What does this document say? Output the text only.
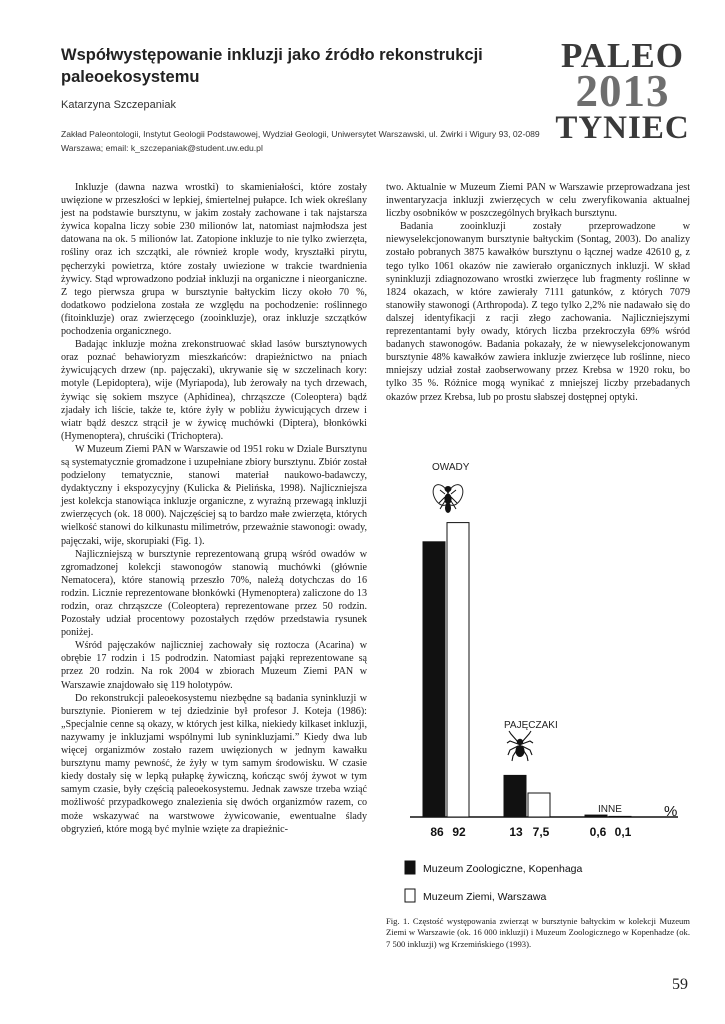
Współwystępowanie inkluzji jako źródło rekonstrukcji paleoekosystemu
Katarzyna Szczepaniak
Zakład Paleontologii, Instytut Geologii Podstawowej, Wydział Geologii, Uniwersytet Warszawski, ul. Żwirki i Wigury 93, 02-089 Warszawa; email: k_szczepaniak@student.uw.edu.pl
PALEO
2013
TYNIEC

Inkluzje (dawna nazwa wrostki) to skamieniałości, które zostały uwięzione w przeszłości w lepkiej, śmiertelnej pułapce. Ich wiek określany jest na podstawie bursztynu, w jakim zostały zachowane i tak najstarsza żywica kopalna liczy sobie 230 milionów lat, natomiast najmłodsza jest datowana na ok. 5 milionów lat. Zatopione inkluzje to nie tylko zwierzęta, rośliny oraz ich szczątki, ale również krople wody, kryształki pirytu, pęcherzyki powietrza, które zostały uwiezione w trakcie twardnienia żywicy. Stąd wprowadzono podział inkluzji na organiczne i nieorganiczne. Z tego pierwsza grupa w bursztynie bałtyckim liczy około 70 %, dodatkowo podzielona została ze względu na pochodzenie: roślinnego (fitoinkluzje) oraz zwierzęcego (zooinkluzje), oraz inkluzje szczątków pochodzenia organicznego.

Badając inkluzje można zrekonstruować skład lasów bursztynowych oraz poznać behawioryzm mieszkańców: drapieżnictwo na pniach żywicujących drzew (np. pajęczaki), ukrywanie się w szczelinach kory: motyle (Lepidoptera), wije (Myriapoda), lub żerowały na tych drzewach, żywiąc się sokiem mszyce (Aphidinea), chrząszcze (Coleoptera) bądź zjadały ich liście, także te, które żyły w pobliżu żywicujących drzew i wiatr bądź deszcz strącił je w żywicę muchówki (Diptera), błonkówki (Hymenoptera), chruściki (Trichoptera).

W Muzeum Ziemi PAN w Warszawie od 1951 roku w Dziale Bursztynu są systematycznie gromadzone i uzupełniane zbiory bursztynu. Zbiór został podzielony tematycznie, stanowi materiał naukowo-badawczy, dydaktyczny i ekspozycyjny (Kulicka & Pielińska, 1998). Najliczniejsza jest kolekcja stanowiąca inkluzje organiczne, z wyraźną przewagą inkluzji zwierzęcych (ok. 18 000). Najczęściej są to bardzo małe zwierzęta, których wielkość stanowi do kilkunastu milimetrów, przeważnie stawonogi: owady, pajęczaki, wije, skorupiaki (Fig. 1).

Najliczniejszą w bursztynie reprezentowaną grupą wśród owadów w zgromadzonej kolekcji stawonogów stanowią muchówki (głównie Nematocera), które stanowią przeszło 70%, należą dotychczas do 16 rodzin. Licznie reprezentowane błonkówki (Hymenoptera) zaliczone do 13 rodzin, oraz chrząszcze (Coleoptera) reprezentowane przez 50 rodzin. Pozostały udział procentowy pozostałych rzędów przedstawia rysunek poniżej.

Wśród pajęczaków najliczniej zachowały się roztocza (Acarina) w obrębie 17 rodzin i 15 podrodzin. Natomiast pająki reprezentowane są przez 20 rodzin. Na rok 2004 w zbiorach Muzeum Ziemi PAN w Warszawie znajdowało się 119 holotypów.

Do rekonstrukcji paleoekosystemu niezbędne są badania syninkluzji w bursztynie. Pionierem w tej dziedzinie był profesor J. Koteja (1986): „Specjalnie cenne są okazy, w których jest kilka, niekiedy kilkaset inkluzji, nazywamy je inkluzjami wspólnymi lub syninkluzjami.” Kiedy dwa lub więcej organizmów zostało razem uwięzionych w jednym kawałku bursztynu mamy pewność, że żyły w tym samym środowisku. W czasie kiedy dostały się w lepką pułapkę żywiczną, kończąc swój żywot w tym samym czasie, były częścią paleoekosystemu. Jednak zawsze trzeba wziąć możliwość przypadkowego znalezienia się dwóch organizmów razem, co może wskazywać na warstwowe żywicowanie, ewentualne ślady obgryzień, które mogą być mylnie wzięte za drapieżnic-

two. Aktualnie w Muzeum Ziemi PAN w Warszawie przeprowadzana jest inwentaryzacja inkluzji zwierzęcych w celu zweryfikowania aktualnej liczby osobników w poszczególnych bryłkach bursztynu.

Badania zooinkluzji zostały przeprowadzone w niewyselekcjonowanym bursztynie bałtyckim (Sontag, 2003). Do analizy zostało pobranych 3875 kawałków bursztynu o łącznej wadze 42610 g, z tego tylko 1061 okazów nie zawierało organicznych inkluzji. W skład syninkluzji zdiagnozowano wrostki zwierzęce lub fragmenty roślinne w 1824 okazach, w które zawierały 7111 gatunków, z których 7079 stanowiły stawonogi (Arthropoda). Z tego tylko 2,2% nie nadawało się do dalszej identyfikacji z racji złego zachowania. Najliczniejszymi reprezentantami były owady, których liczba przekroczyła 69% wśród badanych stawonogów. Badania pokazały, że w niewyselekcjonowanym bursztynie 48% kawałków zawiera inkluzje zwierzęce lub roślinne, nieco mniejszy udział został zaobserwowany przez Krebsa w 1920 roku, bo tylko 35 %. Różnice mogą wynikać z mniejszej liczby przebadanych okazów przez Krebsa, lub po prostu słabszej dostępnej optyki.

OWADY
86 92
PAJĘCZAKI
13 7,5
INNE
0,6 0,1
%
Muzeum Zoologiczne, Kopenhaga
Muzeum Ziemi, Warszawa
Fig. 1. Częstość występowania zwierząt w bursztynie bałtyckim w kolekcji Muzeum Ziemi w Warszawie (ok. 16 000 inkluzji) i Muzeum Zoologicznego w Kopenhadze (ok. 7 500 inkluzji) wg Krzemińskiego (1993).
59
